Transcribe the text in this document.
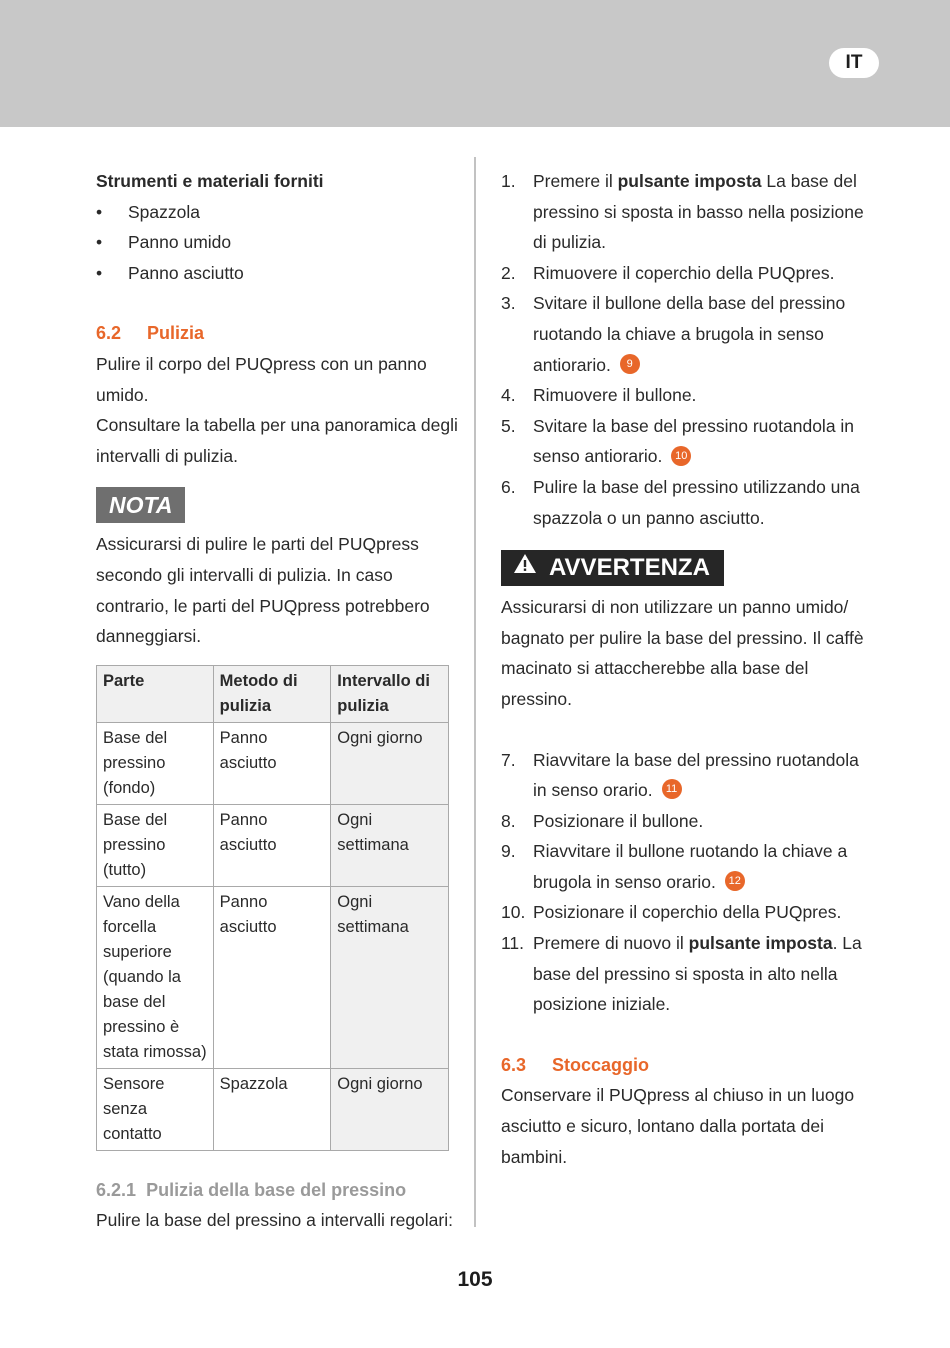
IT

Strumenti e materiali forniti

• Spazzola
• Panno umido
• Panno asciutto

6.2 Pulizia

Pulire il corpo del PUQpress con un panno umido.

Consultare la tabella per una panoramica degli intervalli di pulizia.

NOTA

Assicurarsi di pulire le parti del PUQpress secondo gli intervalli di pulizia. In caso contrario, le parti del PUQpress potrebbero danneggiarsi.

Parte	Metodo di pulizia	Intervallo di pulizia
Base del pressino (fondo)	Panno asciutto	Ogni giorno
Base del pressino (tutto)	Panno asciutto	Ogni settimana
Vano della forcella superiore (quando la base del pressino è stata rimossa)	Panno asciutto	Ogni settimana
Sensore senza contatto	Spazzola	Ogni giorno

6.2.1 Pulizia della base del pressino

Pulire la base del pressino a intervalli regolari:

1. Premere il pulsante imposta La base del pressino si sposta in basso nella posizione di pulizia.
2. Rimuovere il coperchio della PUQpres.
3. Svitare il bullone della base del pressino ruotando la chiave a brugola in senso antiorario. 9
4. Rimuovere il bullone.
5. Svitare la base del pressino ruotandola in senso antiorario. 10
6. Pulire la base del pressino utilizzando una spazzola o un panno asciutto.
AVVERTENZA

Assicurarsi di non utilizzare un panno umido/ bagnato per pulire la base del pressino. Il caffè macinato si attaccherebbe alla base del pressino.

7. Riavvitare la base del pressino ruotandola in senso orario. 11
8. Posizionare il bullone.
9. Riavvitare il bullone ruotando la chiave a brugola in senso orario. 12
10. Posizionare il coperchio della PUQpres.
11. Premere di nuovo il pulsante imposta. La base del pressino si sposta in alto nella posizione iniziale.

6.3 Stoccaggio

Conservare il PUQpress al chiuso in un luogo asciutto e sicuro, lontano dalla portata dei bambini.

105
